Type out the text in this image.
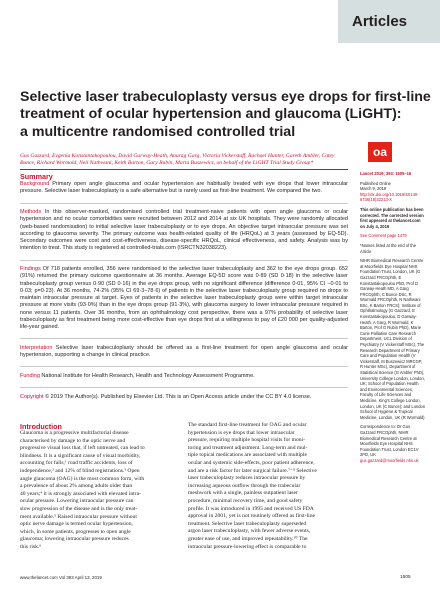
Articles
Selective laser trabeculoplasty versus eye drops for first-line
treatment of ocular hypertension and glaucoma (LiGHT):
a multicentre randomised controlled trial
oa
Gus Gazzard, Evgenia Konstantakopoulou, David Garway-Heath, Anurag Garg, Victoria Vickerstaff, Rachael Hunter, Gareth Ambler, Catey Bunce, Richard Wormald, Neil Nathwani, Keith Barton, Gary Rubin, Marta Buszewicz, on behalf of the LiGHT Trial Study Group*
Summary

Background Primary open angle glaucoma and ocular hypertension are habitually treated with eye drops that lower intraocular pressure. Selective laser trabeculoplasty is a safe alternative but is rarely used as first-line treatment. We compared the two.

Methods In this observer-masked, randomised controlled trial treatment-naive patients with open angle glaucoma or ocular hypertension and no ocular comorbidities were recruited between 2012 and 2014 at six UK hospitals. They were randomly allocated (web-based randomisation) to initial selective laser trabeculoplasty or to eye drops. An objective target intraocular pressure was set according to glaucoma severity. The primary outcome was health-related quality of life (HRQoL) at 3 years (assessed by EQ-5D). Secondary outcomes were cost and cost-effectiveness, disease-specific HRQoL, clinical effectiveness, and safety. Analysis was by intention to treat. This study is registered at controlled-trials.com (ISRCTN32038223).

Findings Of 718 patients enrolled, 356 were randomised to the selective laser trabeculoplasty and 362 to the eye drops group. 652 (91%) returned the primary outcome questionnaire at 36 months. Average EQ-5D score was 0·89 (SD 0·18) in the selective laser trabeculoplasty group versus 0·90 (SD 0·16) in the eye drops group, with no significant difference (difference 0·01, 95% CI −0·01 to 0·03; p=0·23). At 36 months, 74·2% (95% CI 69·3–78·6) of patients in the selective laser trabeculoplasty group required no drops to maintain intraocular pressure at target. Eyes of patients in the selective laser trabeculoplasty group were within target intraocular pressure at more visits (93·0%) than in the eye drops group (91·3%), with glaucoma surgery to lower intraocular pressure required in none versus 11 patients. Over 36 months, from an ophthalmology cost perspective, there was a 97% probability of selective laser trabeculoplasty as first treatment being more cost-effective than eye drops first at a willingness to pay of £20 000 per quality-adjusted life-year gained.

Interpretation Selective laser trabeculoplasty should be offered as a first-line treatment for open angle glaucoma and ocular hypertension, supporting a change in clinical practice.

Funding National Institute for Health Research, Health and Technology Assessment Programme.

Copyright © 2019 The Author(s). Published by Elsevier Ltd. This is an Open Access article under the CC BY 4.0 license.

Lancet 2019; 393: 1505–16

Published Online
March 9, 2019
http://dx.doi.org/10.1016/S0140-6736(18)32213-X

This online publication has been corrected. The corrected version first appeared at thelancet.com on July 4, 2019

See Comment page 1479

*Names listed at the end of the Article

NIHR Biomedical Research Centre at Moorfields Eye Hospital NHS Foundation Trust, London, UK (G Gazzard FRCOphth, E Konstantakopoulou PhD, Prof D Garway-Heath MD, A Garg FRCOphth, C Bunce DSc, R Wormald FRCOphth, N Nathwani BSc, K Barton FRCS); Institute of Ophthalmology (G Gazzard, E Konstantakopoulou, D Garway-Heath, A Garg, R Wormald, K Barton, Prof G Rubin PhD), Marie Curie Palliative Care Research Department, UCL Division of Psychiatry (V Vickerstaff MSc), The Research Department of Primary Care and Population Health (V Vickerstaff, M Buszewicz MRCGP, R Hunter MSc), Department of Statistical Science (G Ambler PhD), University College London, London, UK; School of Population Health and Environmental Sciences, Faculty of Life Sciences and Medicine, King's College London, London, UK (C Bunce); and London School of Hygiene & Tropical Medicine, London, UK (R Wormald)

Correspondence to: Dr Gus Gazzard FRCOphth, NIHR Biomedical Research Centre at Moorfields Eye Hospital NHS Foundation Trust, London EC1V 2PD, UK gus.gazzard@moorfields.nhs.uk

Introduction
Glaucoma is a progressive multifactorial disease
characterised by damage to the optic nerve and
progressive visual loss that, if left untreated, can lead to
blindness. It is a significant cause of visual morbidity,
accounting for falls,¹ road traffic accidents, loss of
independence,² and 12% of blind registrations.³ Open
angle glaucoma (OAG) is the most common form, with
a prevalence of about 2% among adults older than
40 years;⁴ it is strongly associated with elevated intra-
ocular pressure. Lowering intraocular pressure can
slow progression of the disease and is the only treat-
ment available.⁵ Raised intraocular pressure without
optic nerve damage is termed ocular hypertension,
which, in some patients, progresses to open angle
glaucoma; lowering intraocular pressure reduces
this risk.⁶
The standard first-line treatment for OAG and ocular
hypertension is eye drops that lower intraocular
pressure, requiring multiple hospital visits for moni-
toring and treatment adjustment. Long-term and mul-
tiple topical medications are associated with multiple
ocular and systemic side-effects, poor patient adherence,
and are a risk factor for later surgical failure.⁷⁻⁹ Selective
laser trabeculoplasty reduces intraocular pressure by
increasing aqueous outflow through the trabecular
meshwork with a single, painless outpatient laser
procedure, minimal recovery time, and good safety
profile. It was introduced in 1995 and received US FDA
approval in 2001, yet is not routinely offered as first-line
treatment. Selective laser trabeculoplasty superseded
argon laser trabeculoplasty, with fewer adverse events,
greater ease of use, and improved repeatability.¹⁰ The
intraocular pressure-lowering effect is comparable to
www.thelancet.com Vol 393 April 13, 2019	1505
